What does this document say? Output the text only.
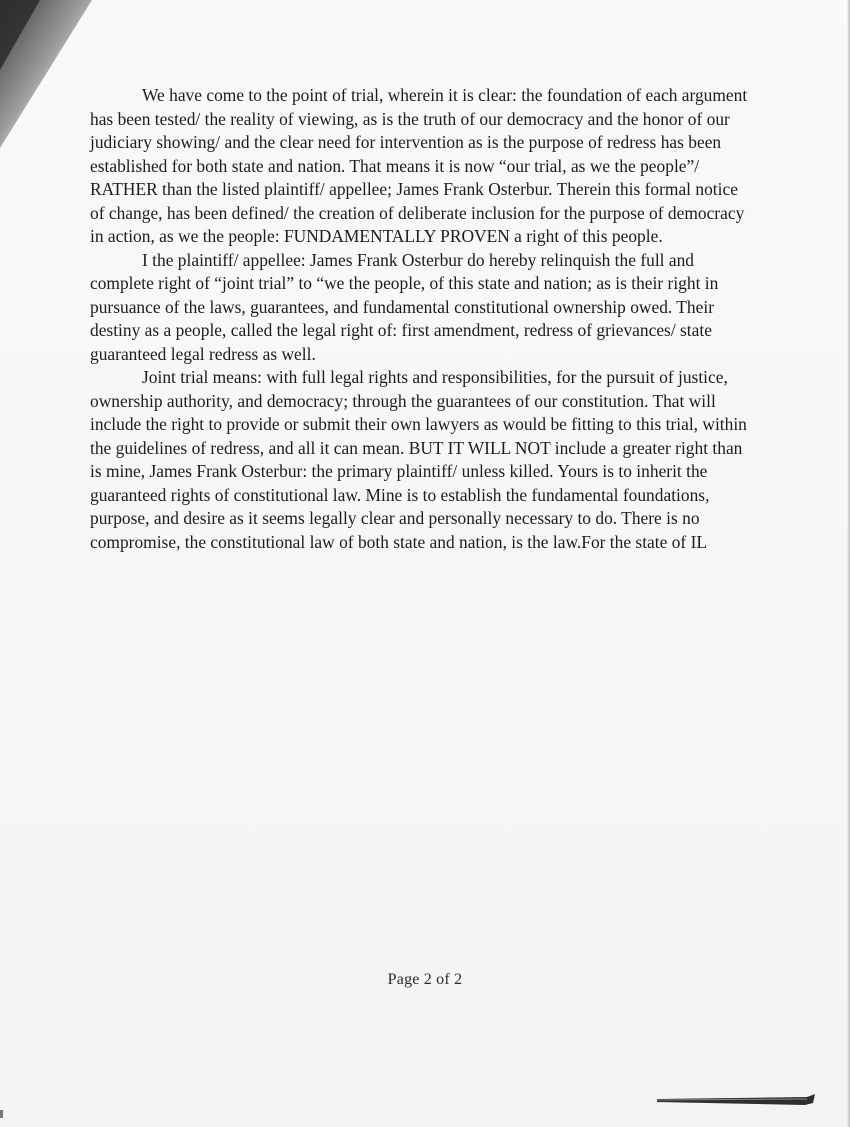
We have come to the point of trial, wherein it is clear: the foundation of each argument has been tested/ the reality of viewing, as is the truth of our democracy and the honor of our judiciary showing/ and the clear need for intervention as is the purpose of redress has been established for both state and nation. That means it is now “our trial, as we the people”/ RATHER than the listed plaintiff/ appellee; James Frank Osterbur. Therein this formal notice of change, has been defined/ the creation of deliberate inclusion for the purpose of democracy in action, as we the people: FUNDAMENTALLY PROVEN a right of this people.

I the plaintiff/ appellee: James Frank Osterbur do hereby relinquish the full and complete right of “joint trial” to “we the people, of this state and nation; as is their right in pursuance of the laws, guarantees, and fundamental constitutional ownership owed. Their destiny as a people, called the legal right of: first amendment, redress of grievances/ state guaranteed legal redress as well.

Joint trial means: with full legal rights and responsibilities, for the pursuit of justice, ownership authority, and democracy; through the guarantees of our constitution. That will include the right to provide or submit their own lawyers as would be fitting to this trial, within the guidelines of redress, and all it can mean. BUT IT WILL NOT include a greater right than is mine, James Frank Osterbur: the primary plaintiff/ unless killed. Yours is to inherit the guaranteed rights of constitutional law. Mine is to establish the fundamental foundations, purpose, and desire as it seems legally clear and personally necessary to do. There is no compromise, the constitutional law of both state and nation, is the law.For the state of IL

Page 2 of 2
